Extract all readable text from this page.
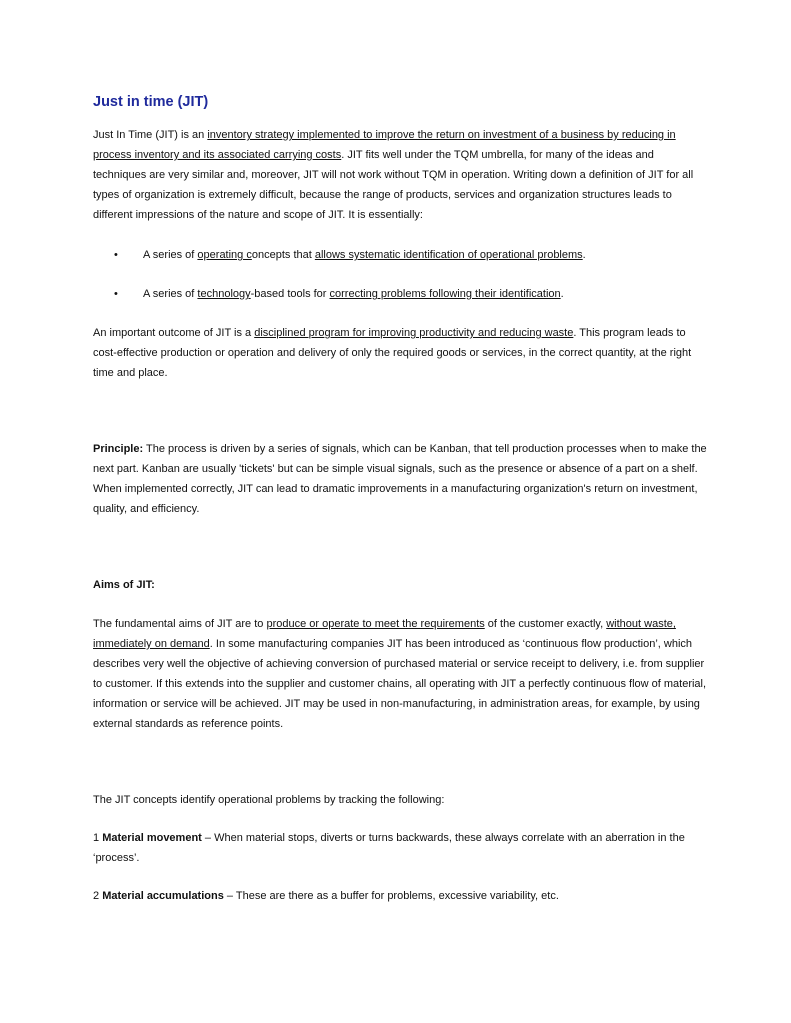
Just in time (JIT)

Just In Time (JIT) is an inventory strategy implemented to improve the return on investment of a business by reducing in process inventory and its associated carrying costs. JIT fits well under the TQM umbrella, for many of the ideas and techniques are very similar and, moreover, JIT will not work without TQM in operation. Writing down a definition of JIT for all types of organization is extremely difficult, because the range of products, services and organization structures leads to different impressions of the nature and scope of JIT. It is essentially:

• A series of operating concepts that allows systematic identification of operational problems.
• A series of technology-based tools for correcting problems following their identification.

An important outcome of JIT is a disciplined program for improving productivity and reducing waste. This program leads to cost-effective production or operation and delivery of only the required goods or services, in the correct quantity, at the right time and place.

Principle: The process is driven by a series of signals, which can be Kanban, that tell production processes when to make the next part. Kanban are usually 'tickets' but can be simple visual signals, such as the presence or absence of a part on a shelf. When implemented correctly, JIT can lead to dramatic improvements in a manufacturing organization's return on investment, quality, and efficiency.

Aims of JIT:

The fundamental aims of JIT are to produce or operate to meet the requirements of the customer exactly, without waste, immediately on demand. In some manufacturing companies JIT has been introduced as ‘continuous flow production’, which describes very well the objective of achieving conversion of purchased material or service receipt to delivery, i.e. from supplier to customer. If this extends into the supplier and customer chains, all operating with JIT a perfectly continuous flow of material, information or service will be achieved. JIT may be used in non-manufacturing, in administration areas, for example, by using external standards as reference points.

The JIT concepts identify operational problems by tracking the following:

1 Material movement – When material stops, diverts or turns backwards, these always correlate with an aberration in the ‘process’.

2 Material accumulations – These are there as a buffer for problems, excessive variability, etc.
